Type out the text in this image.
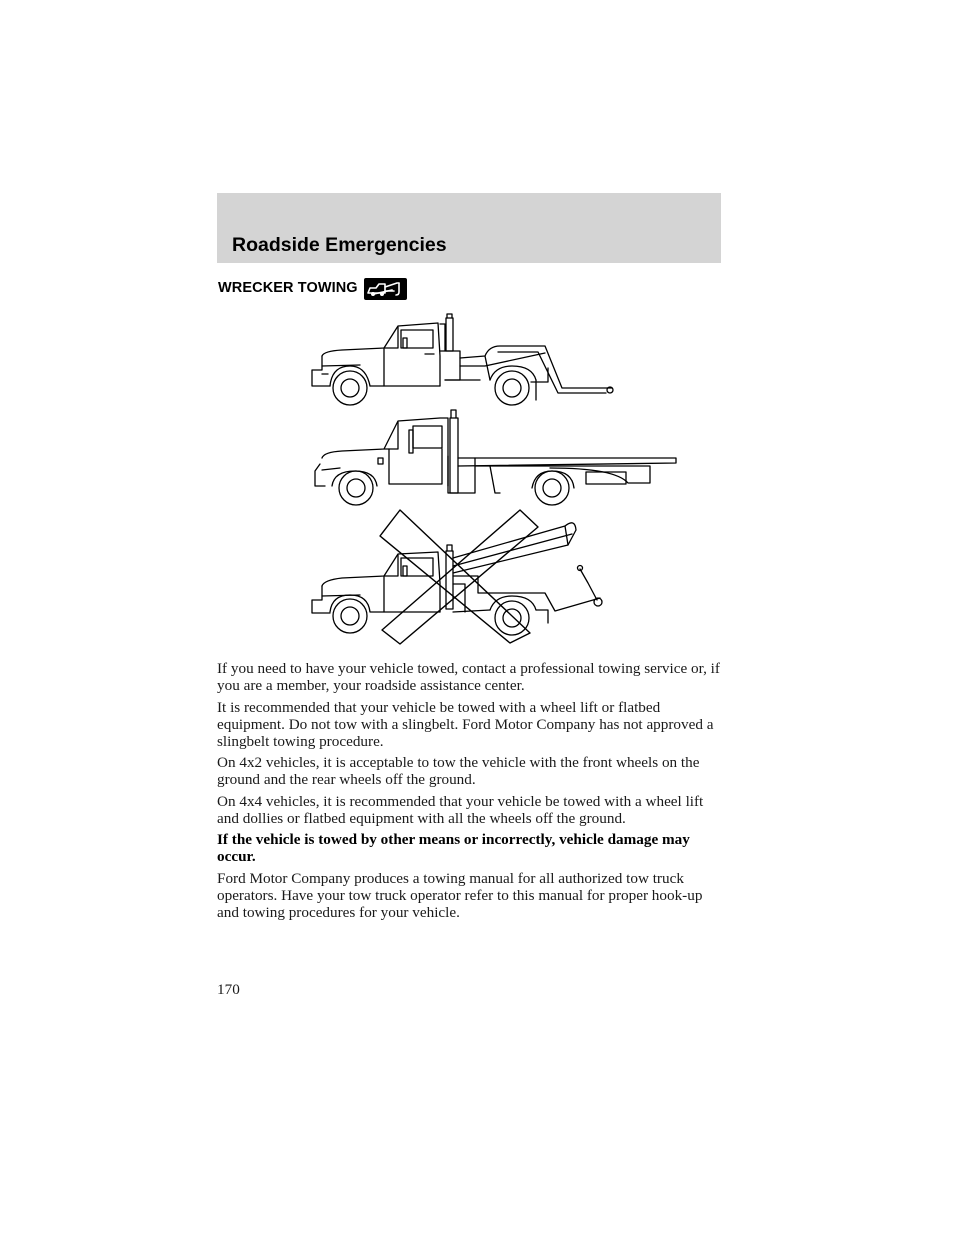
Roadside Emergencies
WRECKER TOWING

If you need to have your vehicle towed, contact a professional towing service or, if you are a member, your roadside assistance center.

It is recommended that your vehicle be towed with a wheel lift or flatbed equipment. Do not tow with a slingbelt. Ford Motor Company has not approved a slingbelt towing procedure.

On 4x2 vehicles, it is acceptable to tow the vehicle with the front wheels on the ground and the rear wheels off the ground.

On 4x4 vehicles, it is recommended that your vehicle be towed with a wheel lift and dollies or flatbed equipment with all the wheels off the ground.

If the vehicle is towed by other means or incorrectly, vehicle damage may occur.

Ford Motor Company produces a towing manual for all authorized tow truck operators. Have your tow truck operator refer to this manual for proper hook-up and towing procedures for your vehicle.

170
